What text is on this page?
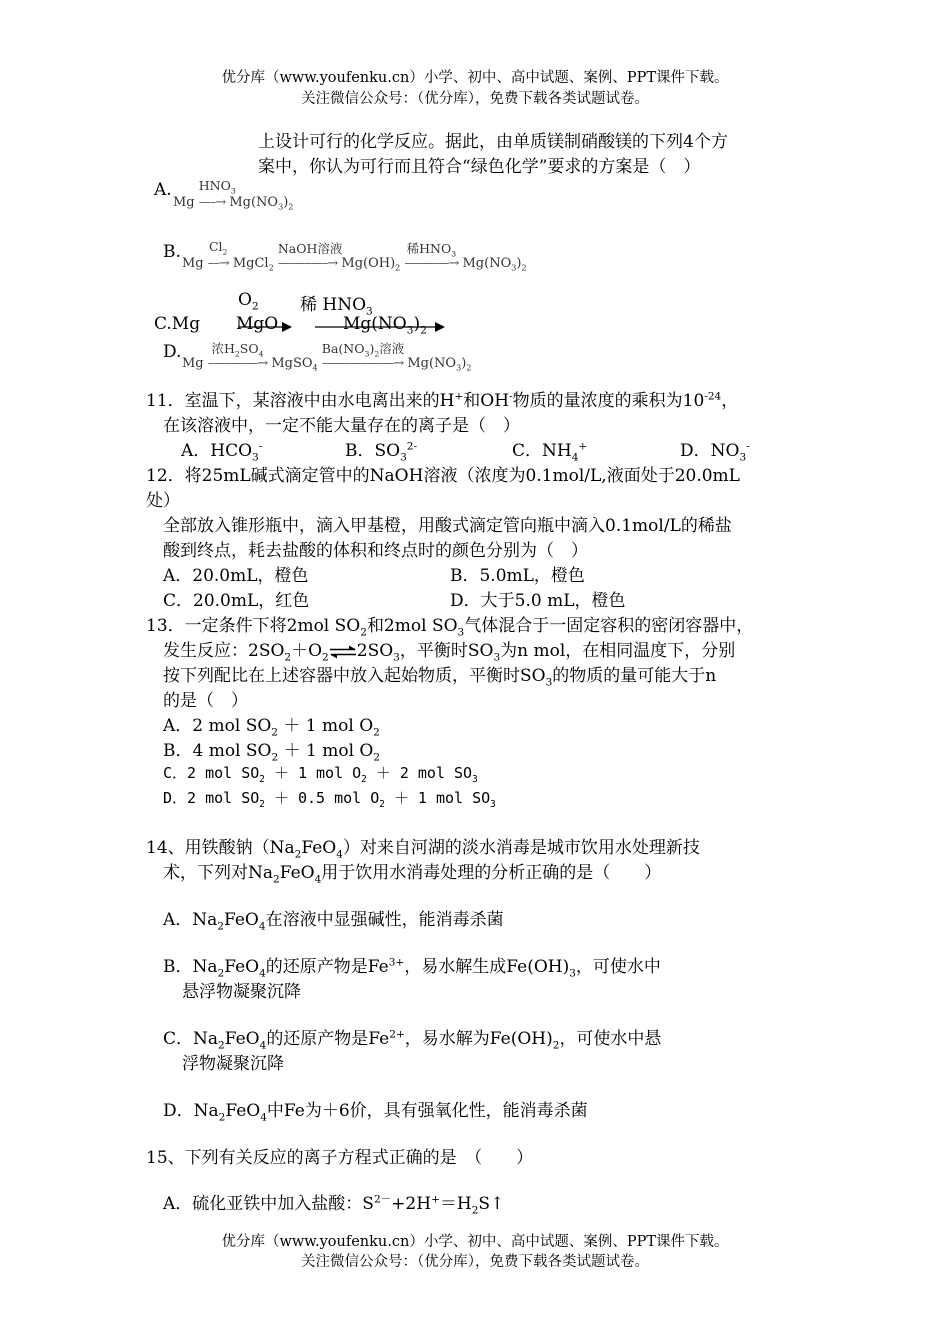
优分库（www.youfenku.cn）小学、初中、高中试题、案例、PPT课件下载。
关注微信公众号：（优分库），免费下载各类试题试卷。
上设计可行的化学反应。据此，由单质镁制硝酸镁的下列4个方
案中，你认为可行而且符合“绿色化学”要求的方案是（　）
A.
Mg
$HNO_3$
–––→ $Mg(NO_3)_2$
B.
Mg
$Cl_2$
––→ MgCl$_2$
NaOH溶液
–––––––––→ $Mg(OH)_2$
稀$HNO_3$
––––––––→ $Mg(NO_3)_2$
$O_2$ 稀 $HNO_3$
C.Mg MgO	$Mg(NO_3)_2$
D.
Mg
浓$H_2SO_4$
–––––––––→ MgSO$_4$
$Ba(NO_3)_2$溶液
–––––––––––––→ $Mg(NO_3)_2$
11．室温下，某溶液中由水电离出来的H+和OH-物质的量浓度的乘积为$10^{-24}$，
在该溶液中，一定不能大量存在的离子是（　）
A．$HCO_3^-$	B．$SO_3^{2-}$	C．$NH_4^+$	D．$NO_3^-$
12．将25mL碱式滴定管中的NaOH溶液（浓度为0.1mol/L,液面处于20.0mL
处）
全部放入锥形瓶中，滴入甲基橙，用酸式滴定管向瓶中滴入0.1mol/L的稀盐
酸到终点，耗去盐酸的体积和终点时的颜色分别为（　）
A．20.0mL，橙色	B．5.0mL，橙色
C．20.0mL，红色	D．大于5.0 mL，橙色
13．一定条件下将2mol $SO_2$和2mol $SO_3$气体混合于一固定容积的密闭容器中，
发生反应：$2SO_2+O_2\rightleftharpoons 2SO_3$，平衡时$SO_3$为n mol，在相同温度下，分别
按下列配比在上述容器中放入起始物质，平衡时$SO_3$的物质的量可能大于n
的是（　）
A．2 mol $SO_2 + 1$ mol $O_2$
B．4 mol $SO_2 + 1$ mol $O_2$
C．2 mol $SO_2 + 1$ mol $O_2 + 2$ mol $SO_3$
D．2 mol $SO_2 + 0.5$ mol $O_2 + 1$ mol $SO_3$
14、用铁酸钠$(Na_2FeO_4)$对来自河湖的淡水消毒是城市饮用水处理新技
术，下列对$Na_2FeO_4$用于饮用水消毒处理的分析正确的是（　　）
A．$Na_2FeO_4$在溶液中显强碱性，能消毒杀菌
B．$Na_2FeO_4$的还原产物是$Fe^{3+}$，易水解生成$Fe(OH)_3$，可使水中
悬浮物凝聚沉降
C．$Na_2FeO_4$的还原产物是$Fe^{2+}$，易水解为$Fe(OH)_2$，可使水中悬
浮物凝聚沉降
D．$Na_2FeO_4$中Fe为＋6价，具有强氧化性，能消毒杀菌
15、下列有关反应的离子方程式正确的是　（　　）
A．硫化亚铁中加入盐酸：$S^{2-}+2H^+=H_2S↑$
优分库（www.youfenku.cn）小学、初中、高中试题、案例、PPT课件下载。
关注微信公众号：（优分库），免费下载各类试题试卷。
